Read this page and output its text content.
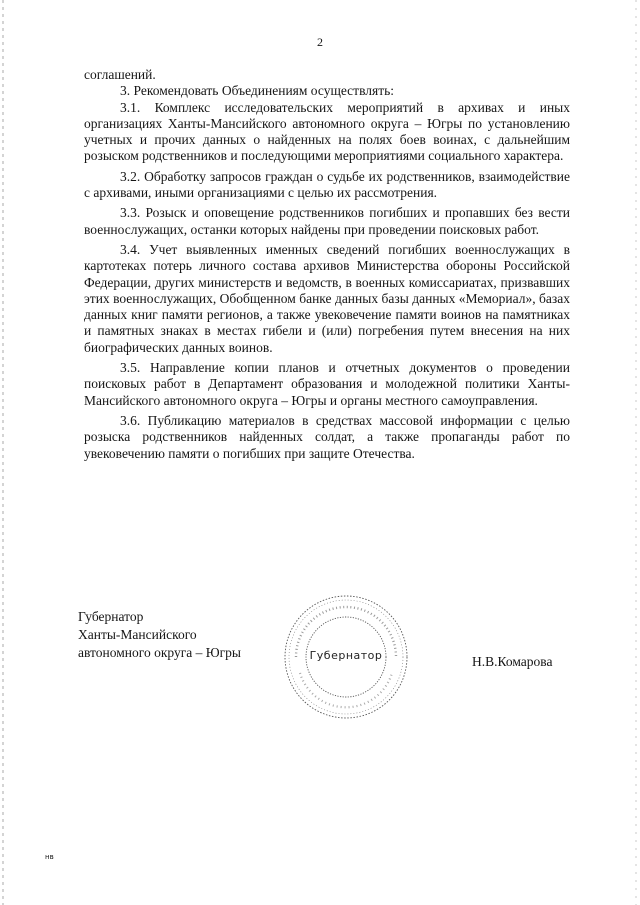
2

соглашений.

3. Рекомендовать Объединениям осуществлять:

3.1. Комплекс исследовательских мероприятий в архивах и иных организациях Ханты-Мансийского автономного округа – Югры по установлению учетных и прочих данных о найденных на полях боев воинах, с дальнейшим розыском родственников и последующими мероприятиями социального характера.

3.2. Обработку запросов граждан о судьбе их родственников, взаимодействие с архивами, иными организациями с целью их рассмотрения.

3.3. Розыск и оповещение родственников погибших и пропавших без вести военнослужащих, останки которых найдены при проведении поисковых работ.

3.4. Учет выявленных именных сведений погибших военнослужащих в картотеках потерь личного состава архивов Министерства обороны Российской Федерации, других министерств и ведомств, в военных комиссариатах, призвавших этих военнослужащих, Обобщенном банке данных базы данных «Мемориал», базах данных книг памяти регионов, а также увековечение памяти воинов на памятниках и памятных знаках в местах гибели и (или) погребения путем внесения на них биографических данных воинов.

3.5. Направление копии планов и отчетных документов о проведении поисковых работ в Департамент образования и молодежной политики Ханты-Мансийского автономного округа – Югры и органы местного самоуправления.

3.6. Публикацию материалов в средствах массовой информации с целью розыска родственников найденных солдат, а также пропаганды работ по увековечению памяти о погибших при защите Отечества.

Губернатор
Ханты-Мансийского
автономного округа – Югры	Губернатор	Н.В.Комарова
нв
